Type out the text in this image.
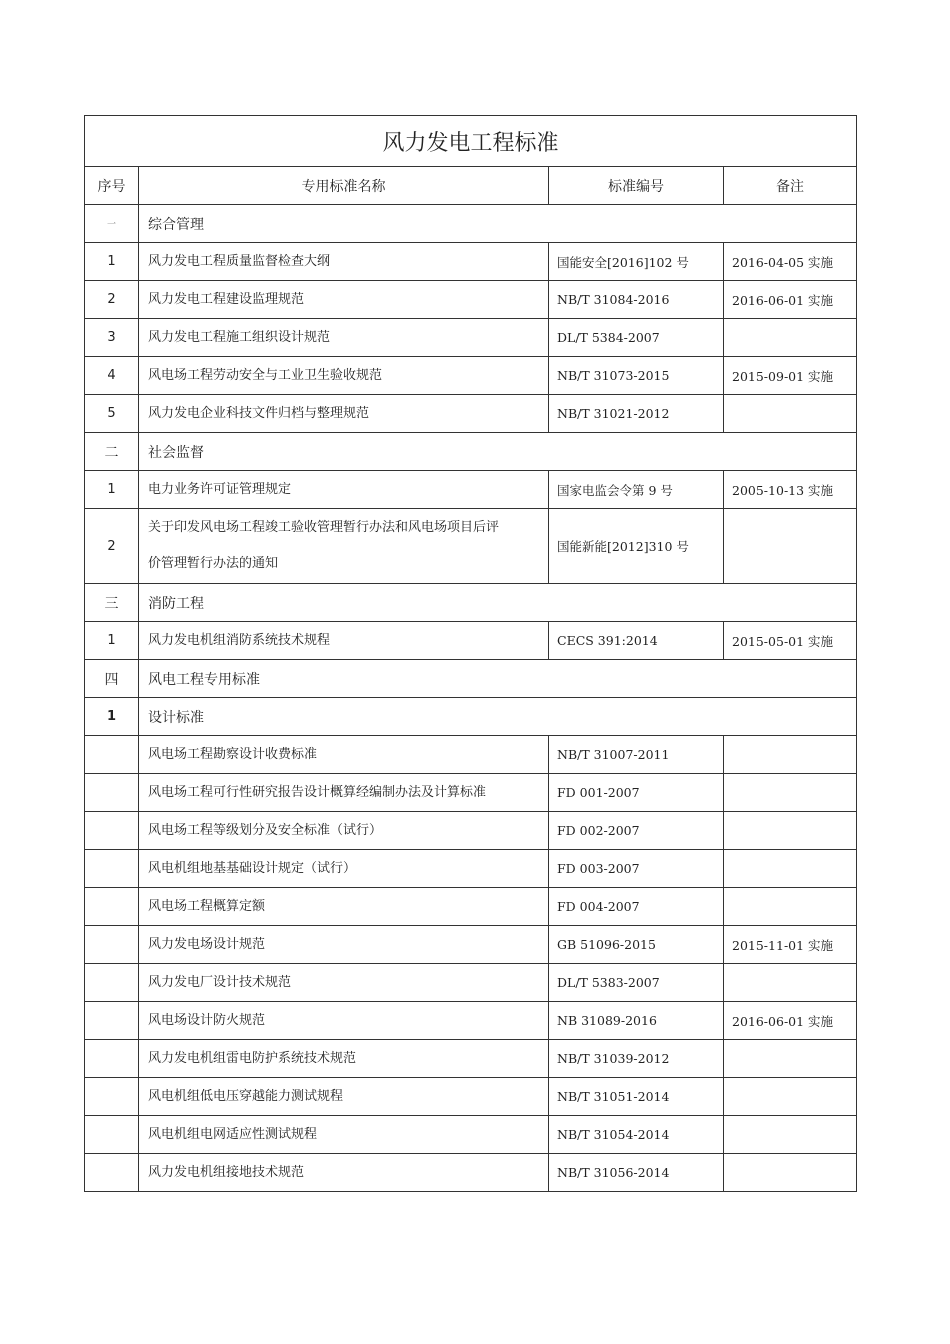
风力发电工程标准			
序号	专用标准名称	标准编号	备注
一	综合管理		
1	风力发电工程质量监督检查大纲	国能安全[2016]102 号	2016-04-05 实施
2	风力发电工程建设监理规范	NB/T 31084-2016	2016-06-01 实施
3	风力发电工程施工组织设计规范	DL/T 5384-2007	
4	风电场工程劳动安全与工业卫生验收规范	NB/T 31073-2015	2015-09-01 实施
5	风力发电企业科技文件归档与整理规范	NB/T 31021-2012	
二	社会监督		
1	电力业务许可证管理规定	国家电监会令第 9 号	2005-10-13 实施
2	关于印发风电场工程竣工验收管理暂行办法和风电场项目后评
价管理暂行办法的通知	国能新能[2012]310 号	
三	消防工程		
1	风力发电机组消防系统技术规程	CECS 391:2014	2015-05-01 实施
四	风电工程专用标准		
1	设计标准		
	风电场工程勘察设计收费标准	NB/T 31007-2011	
	风电场工程可行性研究报告设计概算经编制办法及计算标准	FD 001-2007	
	风电场工程等级划分及安全标准（试行）	FD 002-2007	
	风电机组地基基础设计规定（试行）	FD 003-2007	
	风电场工程概算定额	FD 004-2007	
	风力发电场设计规范	GB 51096-2015	2015-11-01 实施
	风力发电厂设计技术规范	DL/T 5383-2007	
	风电场设计防火规范	NB 31089-2016	2016-06-01 实施
	风力发电机组雷电防护系统技术规范	NB/T 31039-2012	
	风电机组低电压穿越能力测试规程	NB/T 31051-2014	
	风电机组电网适应性测试规程	NB/T 31054-2014	
	风力发电机组接地技术规范	NB/T 31056-2014	
